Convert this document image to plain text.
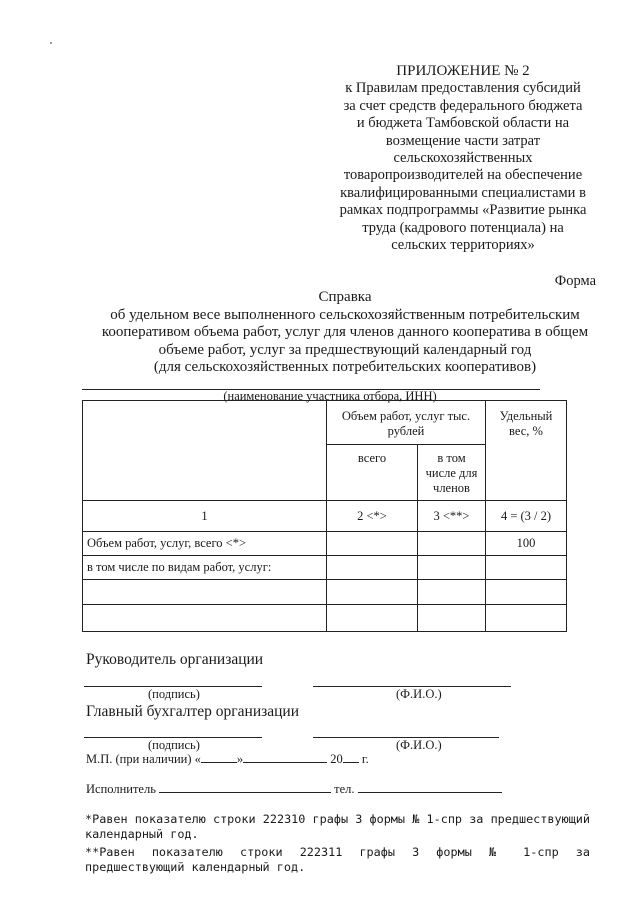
ПРИЛОЖЕНИЕ № 2
к Правилам предоставления субсидий
за счет средств федерального бюджета
и бюджета Тамбовской области на
возмещение части затрат
сельскохозяйственных
товаропроизводителей на обеспечение
квалифицированными специалистами в
рамках подпрограммы «Развитие рынка
труда (кадрового потенциала) на
сельских территориях»
Форма
Справка
об удельном весе выполненного сельскохозяйственным потребительским
кооперативом объема работ, услуг для членов данного кооператива в общем
объеме работ, услуг за предшествующий календарный год
(для сельскохозяйственных потребительских кооперативов)
(наименование участника отбора, ИНН)
	Объем работ, услуг тыс. рублей		Удельный вес, %
	всего	в том числе для членов	
1	2 <*>	3 <**>	4 = (3 / 2)
Объем работ, услуг, всего <*>			100
в том числе по видам работ, услуг:			

Руководитель организации
(подпись)	(Ф.И.О.)
Главный бухгалтер организации
(подпись)	(Ф.И.О.)
М.П. (при наличии) «	»	20 г.
Исполнитель	тел.
*Равен показателю строки 222310 графы 3 формы № 1-спр за предшествующий календарный год.
**Равен показателю строки 222311 графы 3 формы № 1-спр за предшествующий календарный год.
